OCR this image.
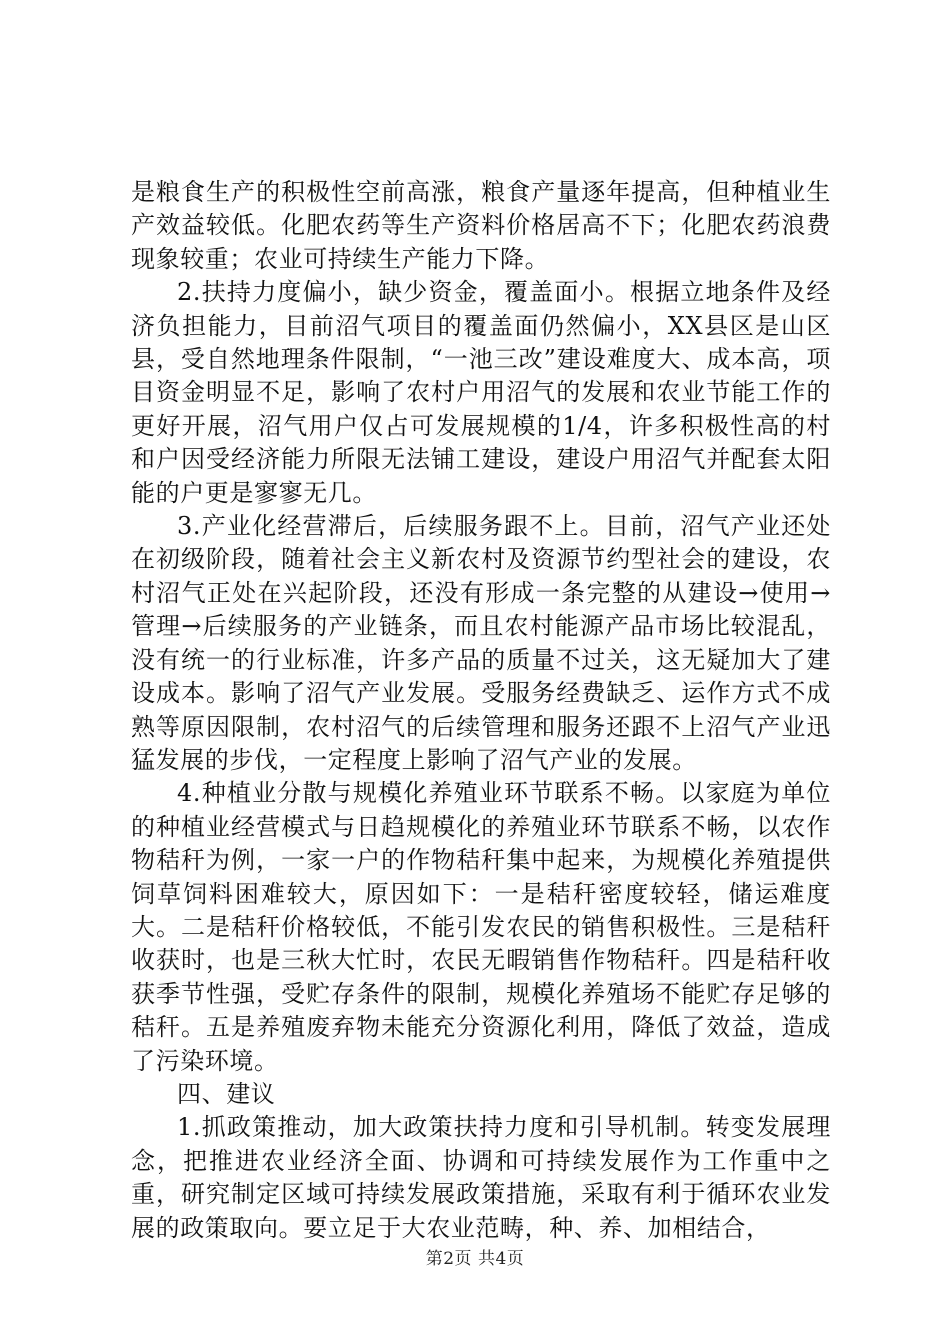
是粮食生产的积极性空前高涨，粮食产量逐年提高，但种植业生产效益较低。化肥农药等生产资料价格居高不下；化肥农药浪费现象较重；农业可持续生产能力下降。

2.扶持力度偏小，缺少资金，覆盖面小。根据立地条件及经济负担能力，目前沼气项目的覆盖面仍然偏小，XX县区是山区县，受自然地理条件限制，“一池三改”建设难度大、成本高，项目资金明显不足，影响了农村户用沼气的发展和农业节能工作的更好开展，沼气用户仅占可发展规模的1/4，许多积极性高的村和户因受经济能力所限无法铺工建设，建设户用沼气并配套太阳能的户更是寥寥无几。

3.产业化经营滞后，后续服务跟不上。目前，沼气产业还处在初级阶段，随着社会主义新农村及资源节约型社会的建设，农村沼气正处在兴起阶段，还没有形成一条完整的从建设→使用→管理→后续服务的产业链条，而且农村能源产品市场比较混乱，没有统一的行业标准，许多产品的质量不过关，这无疑加大了建设成本。影响了沼气产业发展。受服务经费缺乏、运作方式不成熟等原因限制，农村沼气的后续管理和服务还跟不上沼气产业迅猛发展的步伐，一定程度上影响了沼气产业的发展。

4.种植业分散与规模化养殖业环节联系不畅。以家庭为单位的种植业经营模式与日趋规模化的养殖业环节联系不畅，以农作物秸秆为例，一家一户的作物秸秆集中起来，为规模化养殖提供饲草饲料困难较大，原因如下：一是秸秆密度较轻，储运难度大。二是秸秆价格较低，不能引发农民的销售积极性。三是秸秆收获时，也是三秋大忙时，农民无暇销售作物秸秆。四是秸秆收获季节性强，受贮存条件的限制，规模化养殖场不能贮存足够的秸秆。五是养殖废弃物未能充分资源化利用，降低了效益，造成了污染环境。

四、建议

1.抓政策推动，加大政策扶持力度和引导机制。转变发展理念，把推进农业经济全面、协调和可持续发展作为工作重中之重，研究制定区域可持续发展政策措施，采取有利于循环农业发展的政策取向。要立足于大农业范畴，种、养、加相结合，

第2页 共4页
